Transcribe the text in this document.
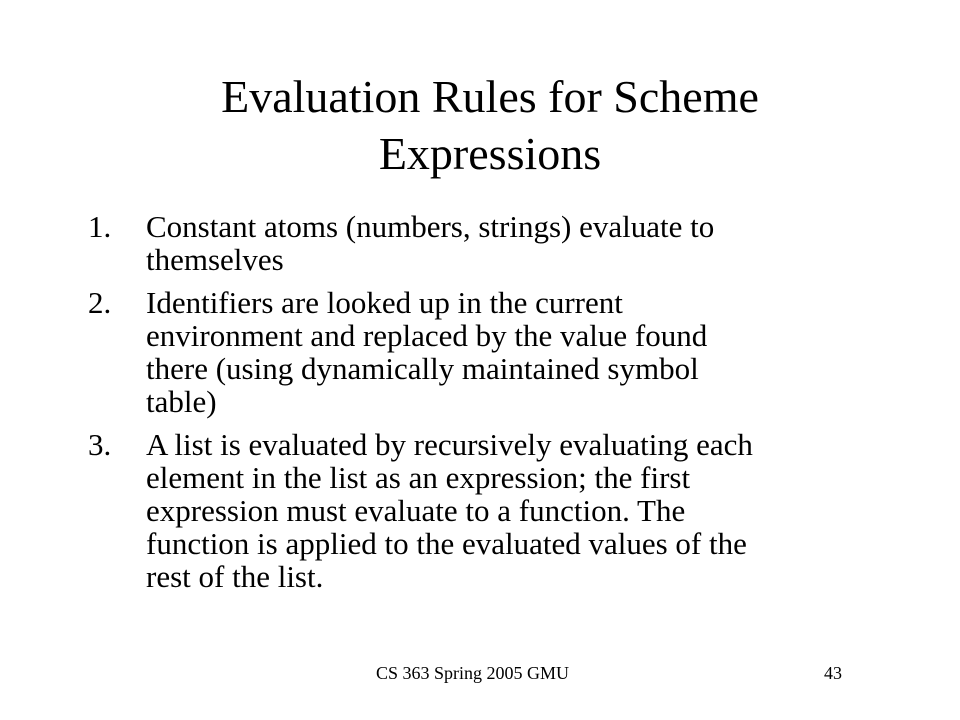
Evaluation Rules for Scheme
Expressions
1.	Constant atoms (numbers, strings) evaluate to
themselves
2.	Identifiers are looked up in the current
environment and replaced by the value found
there (using dynamically maintained symbol
table)
3.	A list is evaluated by recursively evaluating each
element in the list as an expression; the first
expression must evaluate to a function. The
function is applied to the evaluated values of the
rest of the list.
CS 363 Spring 2005 GMU	43
